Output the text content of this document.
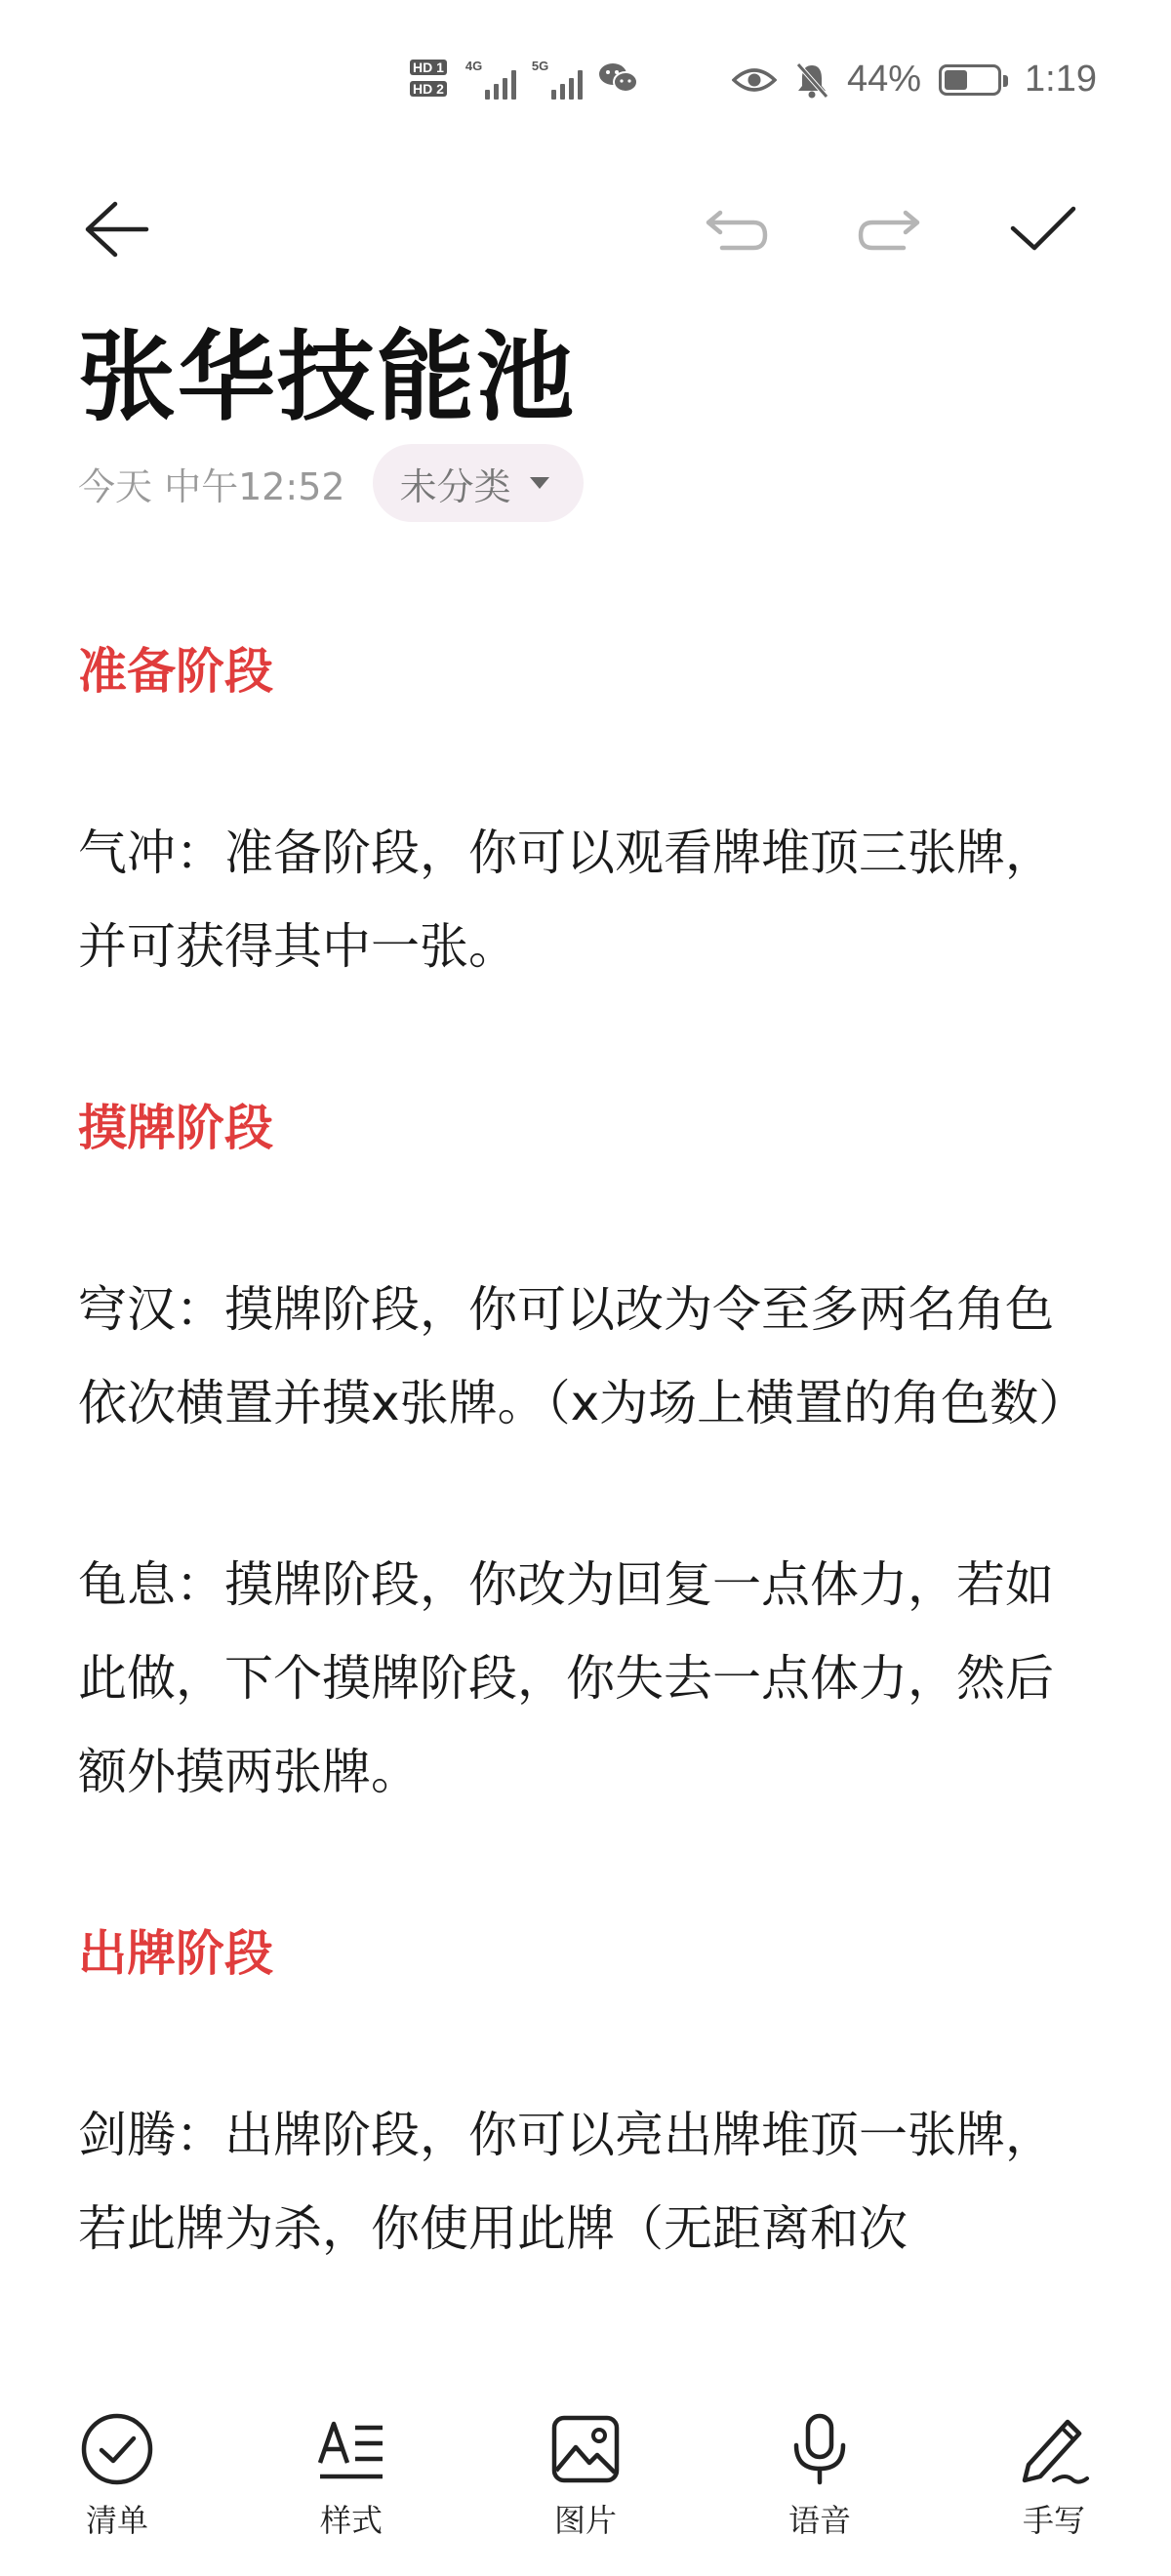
HD 1
HD 2
4G	5G	44%	1:19
张华技能池
今天 中午12:52 未分类
准备阶段

气冲：准备阶段，你可以观看牌堆顶三张牌，并可获得其中一张。

摸牌阶段

穹汉：摸牌阶段，你可以改为令至多两名角色依次横置并摸x张牌。（x为场上横置的角色数）

龟息：摸牌阶段，你改为回复一点体力，若如此做，下个摸牌阶段，你失去一点体力，然后额外摸两张牌。

出牌阶段

剑腾：出牌阶段，你可以亮出牌堆顶一张牌，若此牌为杀，你使用此牌（无距离和次

清单	样式	图片	语音	手写
